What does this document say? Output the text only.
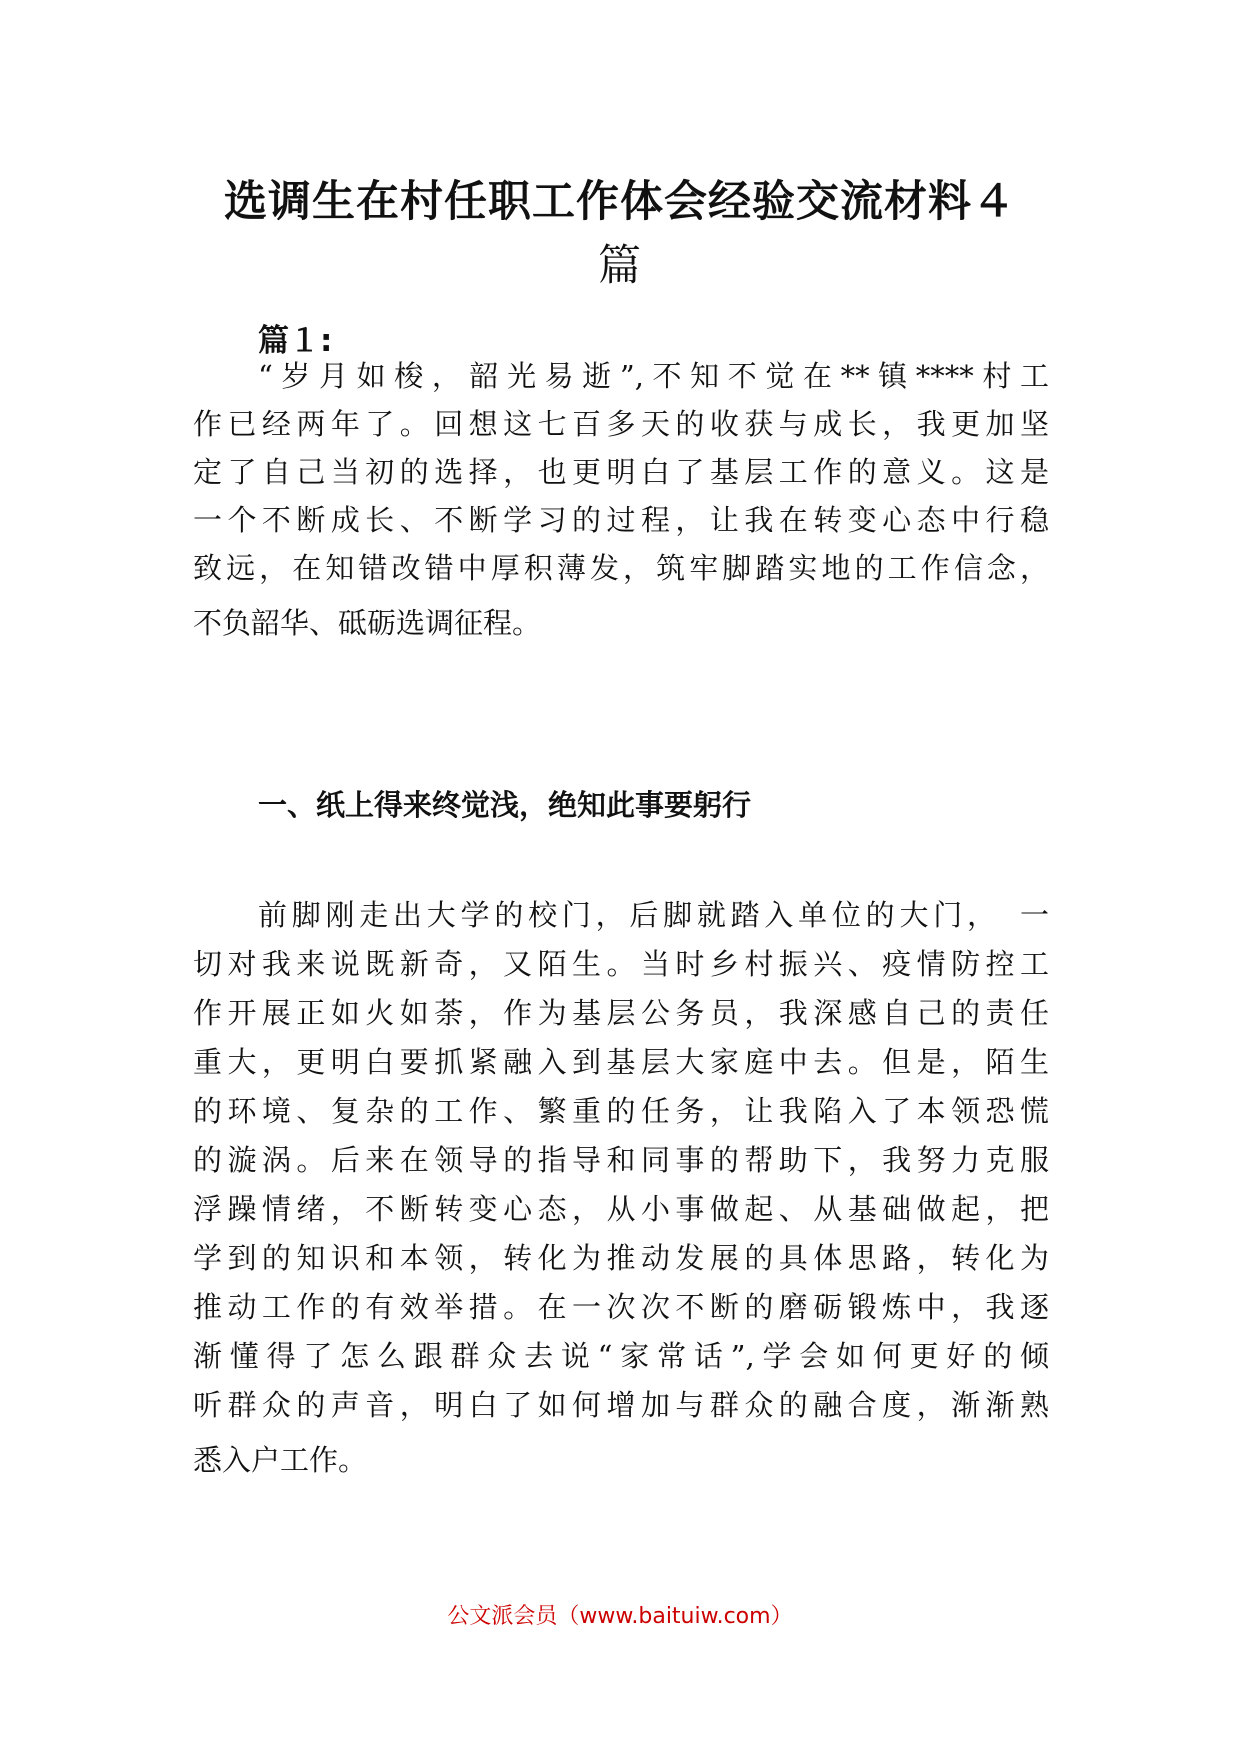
选调生在村任职工作体会经验交流材料４
篇
篇１:

“岁月如梭，韶光易逝”,不知不觉在**镇****村工

作已经两年了。回想这七百多天的收获与成长，我更加坚

定了自己当初的选择，也更明白了基层工作的意义。这是

一个不断成长、不断学习的过程，让我在转变心态中行稳

致远，在知错改错中厚积薄发，筑牢脚踏实地的工作信念，

不负韶华、砥砺选调征程。

一、纸上得来终觉浅，绝知此事要躬行

前脚刚走出大学的校门，后脚就踏入单位的大门，　一

切对我来说既新奇，又陌生。当时乡村振兴、疫情防控工

作开展正如火如荼，作为基层公务员，我深感自己的责任

重大，更明白要抓紧融入到基层大家庭中去。但是，陌生

的环境、复杂的工作、繁重的任务，让我陷入了本领恐慌

的漩涡。后来在领导的指导和同事的帮助下，我努力克服

浮躁情绪，不断转变心态，从小事做起、从基础做起，把

学到的知识和本领，转化为推动发展的具体思路，转化为

推动工作的有效举措。在一次次不断的磨砺锻炼中，我逐

渐懂得了怎么跟群众去说“家常话”,学会如何更好的倾

听群众的声音，明白了如何增加与群众的融合度，渐渐熟

悉入户工作。

公文派会员（www.baituiw.com）
